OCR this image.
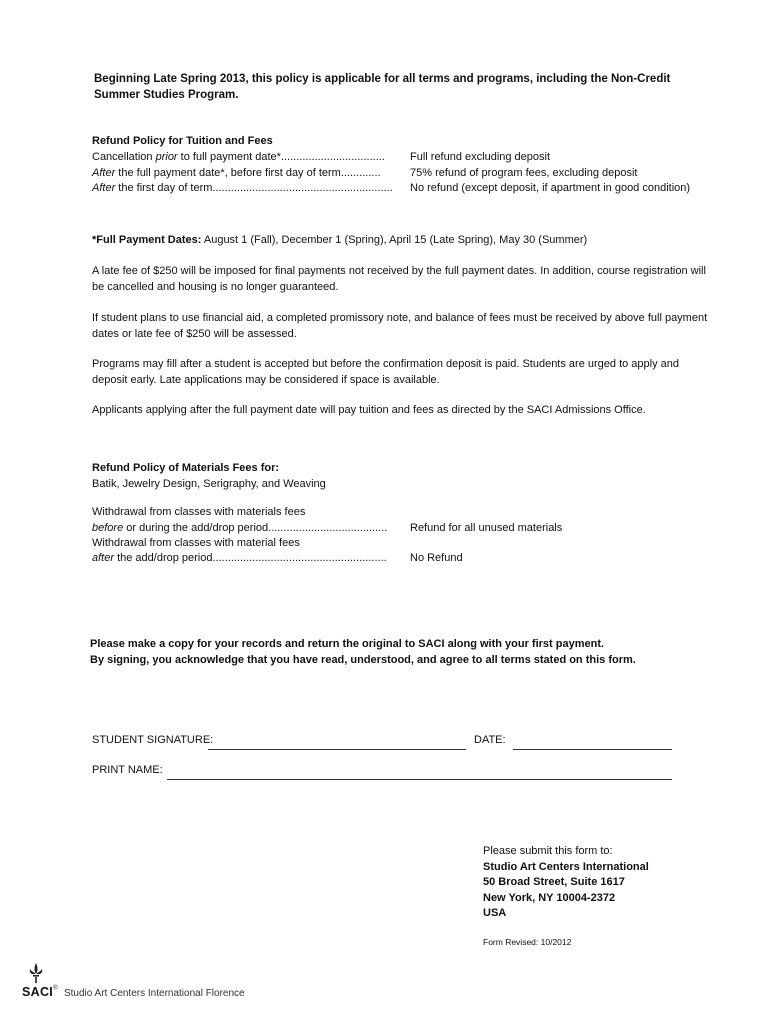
Beginning Late Spring 2013, this policy is applicable for all terms and programs, including the Non-Credit Summer Studies Program.
Refund Policy for Tuition and Fees
Cancellation prior to full payment date*.................................. Full refund excluding deposit
After the full payment date*, before first day of term.............	75% refund of program fees, excluding deposit
After the first day of term........................................................... No refund (except deposit, if apartment in good condition)
*Full Payment Dates: August 1 (Fall), December 1 (Spring), April 15 (Late Spring), May 30 (Summer)
A late fee of $250 will be imposed for final payments not received by the full payment dates. In addition, course registration will be cancelled and housing is no longer guaranteed.
If student plans to use financial aid, a completed promissory note, and balance of fees must be received by above full payment dates or late fee of $250 will be assessed.
Programs may fill after a student is accepted but before the confirmation deposit is paid. Students are urged to apply and deposit early. Late applications may be considered if space is available.
Applicants applying after the full payment date will pay tuition and fees as directed by the SACI Admissions Office.
Refund Policy of Materials Fees for:
Batik, Jewelry Design, Serigraphy, and Weaving
Withdrawal from classes with materials fees
before or during the add/drop period....................................... Refund for all unused materials
Withdrawal from classes with material fees
after the add/drop period......................................................... No Refund
Please make a copy for your records and return the original to SACI along with your first payment.
By signing, you acknowledge that you have read, understood, and agree to all terms stated on this form.
STUDENT SIGNATURE:	DATE:
PRINT NAME:
Please submit this form to:
Studio Art Centers International
50 Broad Street, Suite 1617
New York, NY 10004-2372
USA
Form Revised: 10/2012
SACI® Studio Art Centers International Florence
